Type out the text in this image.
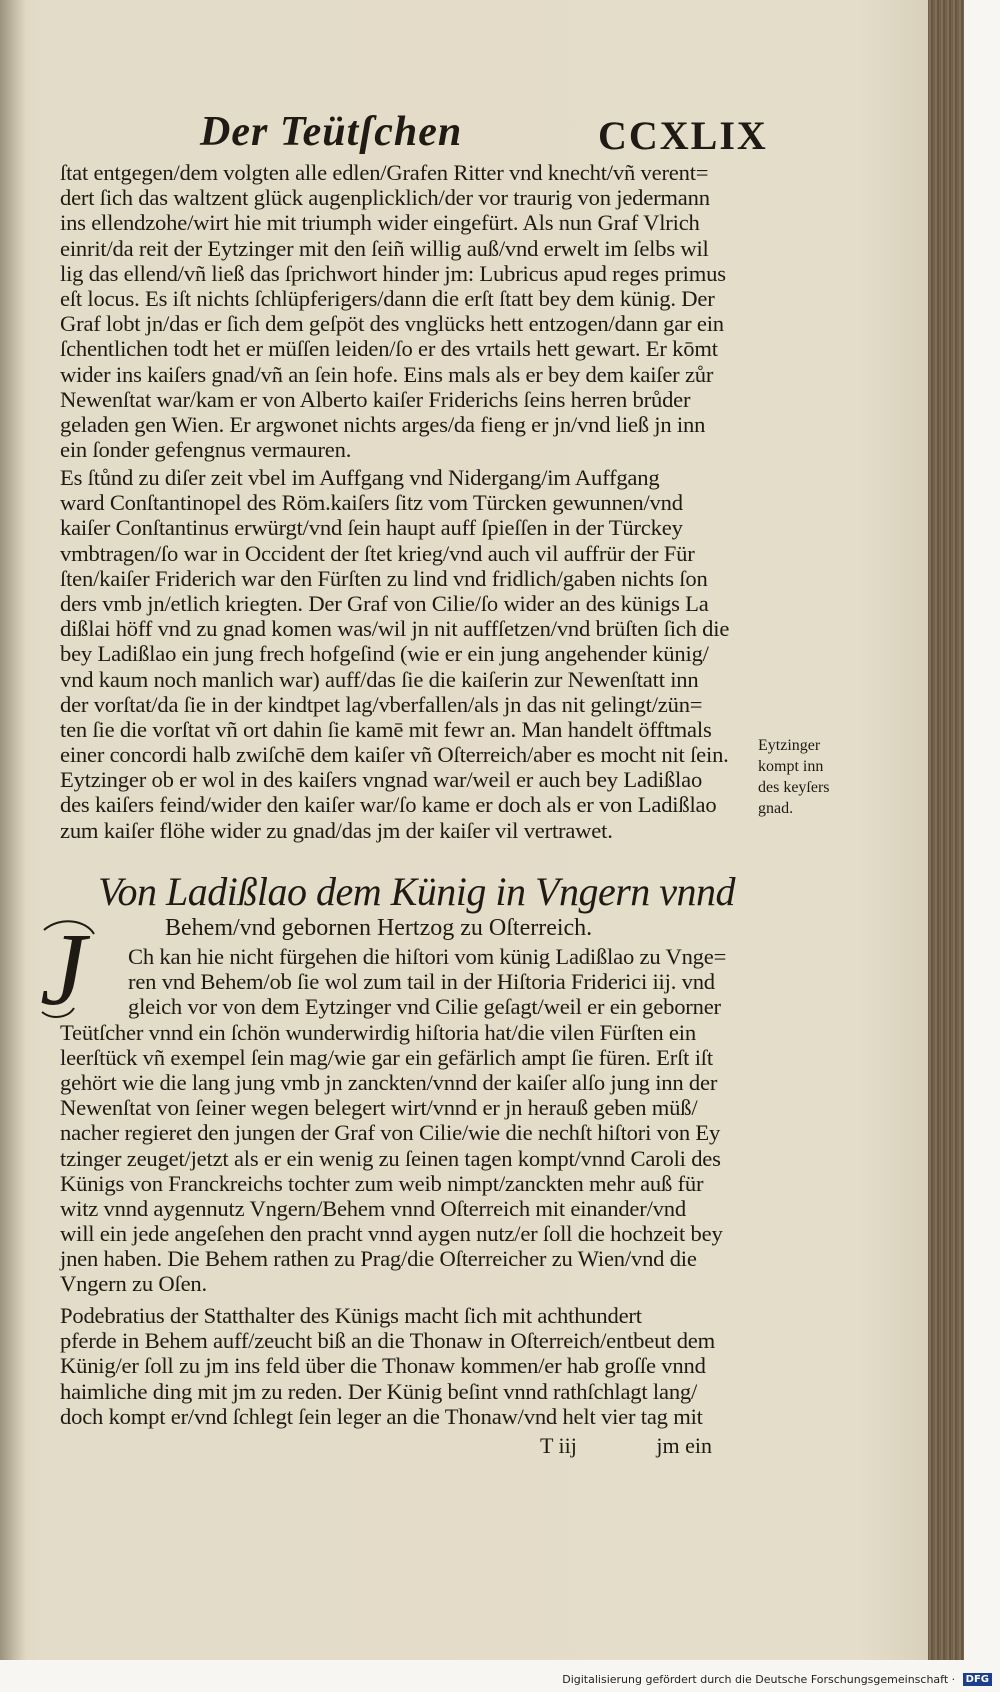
Der Teütſchen	CCXLIX
ſtat entgegen/dem volgten alle edlen/Grafen Ritter vnd knecht/vñ verent=
dert ſich das waltzent glück augenplicklich/der vor traurig von jedermann
ins ellendzohe/wirt hie mit triumph wider eingefürt. Als nun Graf Vlrich
einrit/da reit der Eytzinger mit den ſeiñ willig auß/vnd erwelt im ſelbs wil
lig das ellend/vñ ließ das ſprichwort hinder jm: Lubricus apud reges primus
eſt locus. Es iſt nichts ſchlüpferigers/dann die erſt ſtatt bey dem künig. Der
Graf lobt jn/das er ſich dem geſpöt des vnglücks hett entzogen/dann gar ein
ſchentlichen todt het er müſſen leiden/ſo er des vrtails hett gewart. Er kōmt
wider ins kaiſers gnad/vñ an ſein hofe. Eins mals als er bey dem kaiſer zůr
Newenſtat war/kam er von Alberto kaiſer Friderichs ſeins herren brůder
geladen gen Wien. Er argwonet nichts arges/da fieng er jn/vnd ließ jn inn
ein ſonder gefengnus vermauren.
Es ſtůnd zu diſer zeit vbel im Auffgang vnd Nidergang/im Auffgang
ward Conſtantinopel des Röm.kaiſers ſitz vom Türcken gewunnen/vnd
kaiſer Conſtantinus erwürgt/vnd ſein haupt auff ſpieſſen in der Türckey
vmbtragen/ſo war in Occident der ſtet krieg/vnd auch vil auffrür der Für
ſten/kaiſer Friderich war den Fürſten zu lind vnd fridlich/gaben nichts ſon
ders vmb jn/etlich kriegten. Der Graf von Cilie/ſo wider an des künigs La
dißlai höff vnd zu gnad komen was/wil jn nit auffſetzen/vnd brüſten ſich die
bey Ladißlao ein jung frech hofgeſind (wie er ein jung angehender künig/
vnd kaum noch manlich war) auff/das ſie die kaiſerin zur Newenſtatt inn
der vorſtat/da ſie in der kindtpet lag/vberfallen/als jn das nit gelingt/zün=
ten ſie die vorſtat vñ ort dahin ſie kamē mit fewr an. Man handelt öfftmals
einer concordi halb zwiſchē dem kaiſer vñ Oſterreich/aber es mocht nit ſein.
Eytzinger ob er wol in des kaiſers vngnad war/weil er auch bey Ladißlao
des kaiſers feind/wider den kaiſer war/ſo kame er doch als er von Ladißlao
zum kaiſer flöhe wider zu gnad/das jm der kaiſer vil vertrawet.
Eytzinger
kompt inn
des keyſers
gnad.
Von Ladißlao dem Künig in Vngern vnnd
Behem/vnd gebornen Hertzog zu Oſterreich.
J	Ch kan hie nicht fürgehen die hiſtori vom künig Ladißlao zu Vnge=
ren vnd Behem/ob ſie wol zum tail in der Hiſtoria Friderici iij. vnd
gleich vor von dem Eytzinger vnd Cilie geſagt/weil er ein geborner
Teütſcher vnnd ein ſchön wunderwirdig hiſtoria hat/die vilen Fürſten ein
leerſtück vñ exempel ſein mag/wie gar ein gefärlich ampt ſie füren. Erſt iſt
gehört wie die lang jung vmb jn zanckten/vnnd der kaiſer alſo jung inn der
Newenſtat von ſeiner wegen belegert wirt/vnnd er jn herauß geben müß/
nacher regieret den jungen der Graf von Cilie/wie die nechſt hiſtori von Ey
tzinger zeuget/jetzt als er ein wenig zu ſeinen tagen kompt/vnnd Caroli des
Künigs von Franckreichs tochter zum weib nimpt/zanckten mehr auß für
witz vnnd aygennutz Vngern/Behem vnnd Oſterreich mit einander/vnd
will ein jede angeſehen den pracht vnnd aygen nutz/er ſoll die hochzeit bey
jnen haben. Die Behem rathen zu Prag/die Oſterreicher zu Wien/vnd die
Vngern zu Oſen.
Podebratius der Statthalter des Künigs macht ſich mit achthundert
pferde in Behem auff/zeucht biß an die Thonaw in Oſterreich/entbeut dem
Künig/er ſoll zu jm ins feld über die Thonaw kommen/er hab groſſe vnnd
haimliche ding mit jm zu reden. Der Künig beſint vnnd rathſchlagt lang/
doch kompt er/vnd ſchlegt ſein leger an die Thonaw/vnd helt vier tag mit
T iij	jm ein
Digitalisierung gefördert durch die Deutsche Forschungsgemeinschaft · DFG
